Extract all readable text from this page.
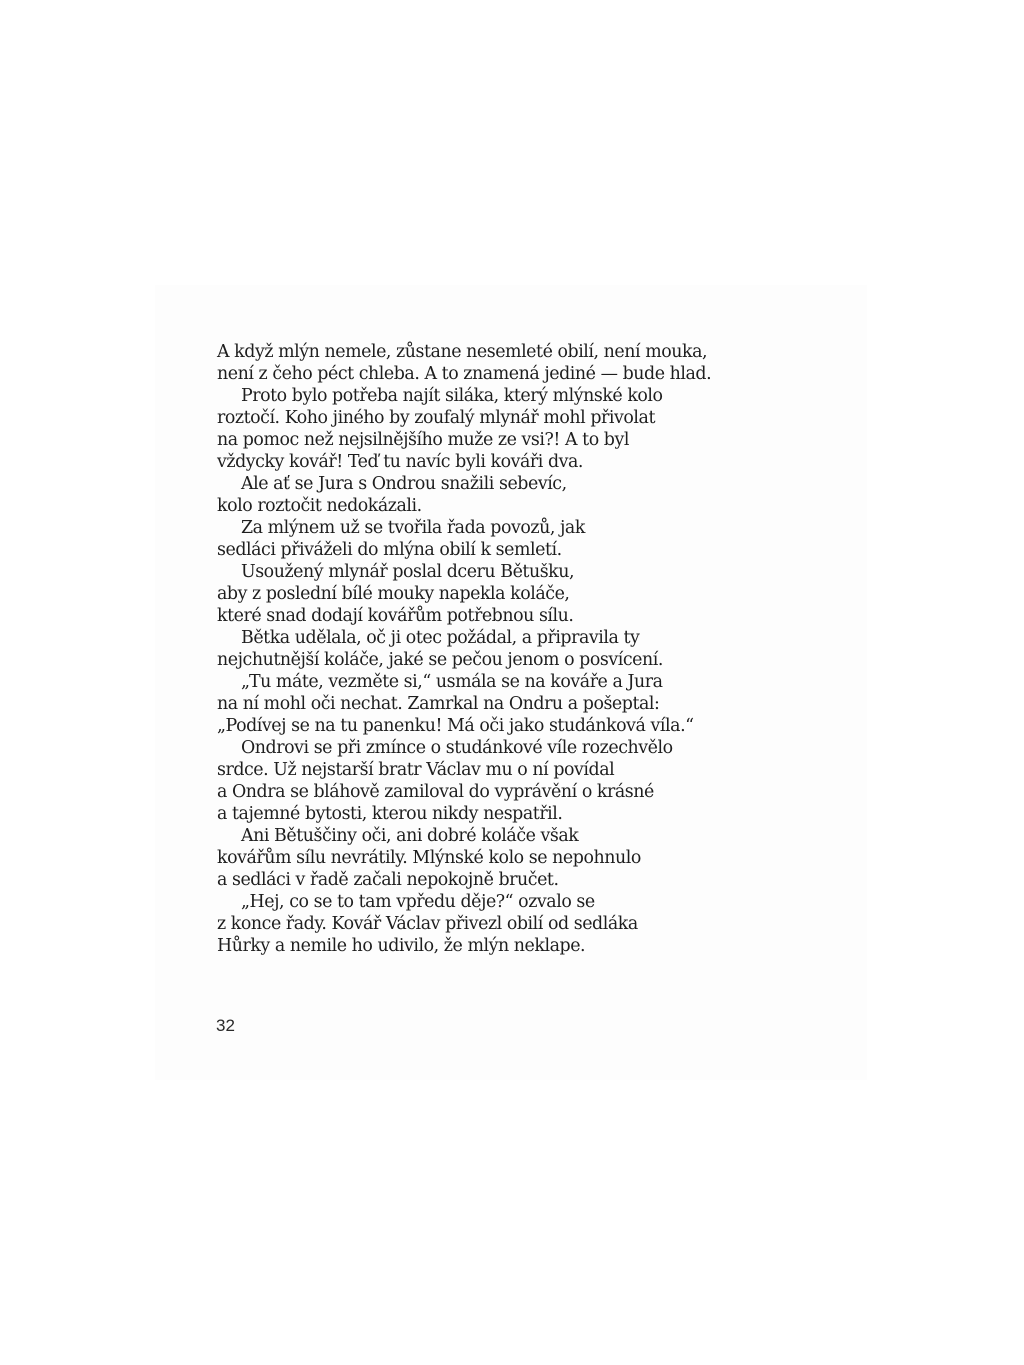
A když mlýn nemele, zůstane nesemleté obilí, není mouka,
není z čeho péct chleba. A to znamená jediné — bude hlad.
Proto bylo potřeba najít siláka, který mlýnské kolo
roztočí. Koho jiného by zoufalý mlynář mohl přivolat
na pomoc než nejsilnějšího muže ze vsi?! A to byl
vždycky kovář! Teď tu navíc byli kováři dva.
Ale ať se Jura s Ondrou snažili sebevíc,
kolo roztočit nedokázali.
Za mlýnem už se tvořila řada povozů, jak
sedláci přiváželi do mlýna obilí k semletí.
Usoužený mlynář poslal dceru Bětušku,
aby z poslední bílé mouky napekla koláče,
které snad dodají kovářům potřebnou sílu.
Bětka udělala, oč ji otec požádal, a připravila ty
nejchutnější koláče, jaké se pečou jenom o posvícení.
„Tu máte, vezměte si,“ usmála se na kováře a Jura
na ní mohl oči nechat. Zamrkal na Ondru a pošeptal:
„Podívej se na tu panenku! Má oči jako studánková víla.“
Ondrovi se při zmínce o studánkové víle rozechvělo
srdce. Už nejstarší bratr Václav mu o ní povídal
a Ondra se bláhově zamiloval do vyprávění o krásné
a tajemné bytosti, kterou nikdy nespatřil.
Ani Bětuščiny oči, ani dobré koláče však
kovářům sílu nevrátily. Mlýnské kolo se nepohnulo
a sedláci v řadě začali nepokojně bručet.
„Hej, co se to tam vpředu děje?“ ozvalo se
z konce řady. Kovář Václav přivezl obilí od sedláka
Hůrky a nemile ho udivilo, že mlýn neklape.
32
